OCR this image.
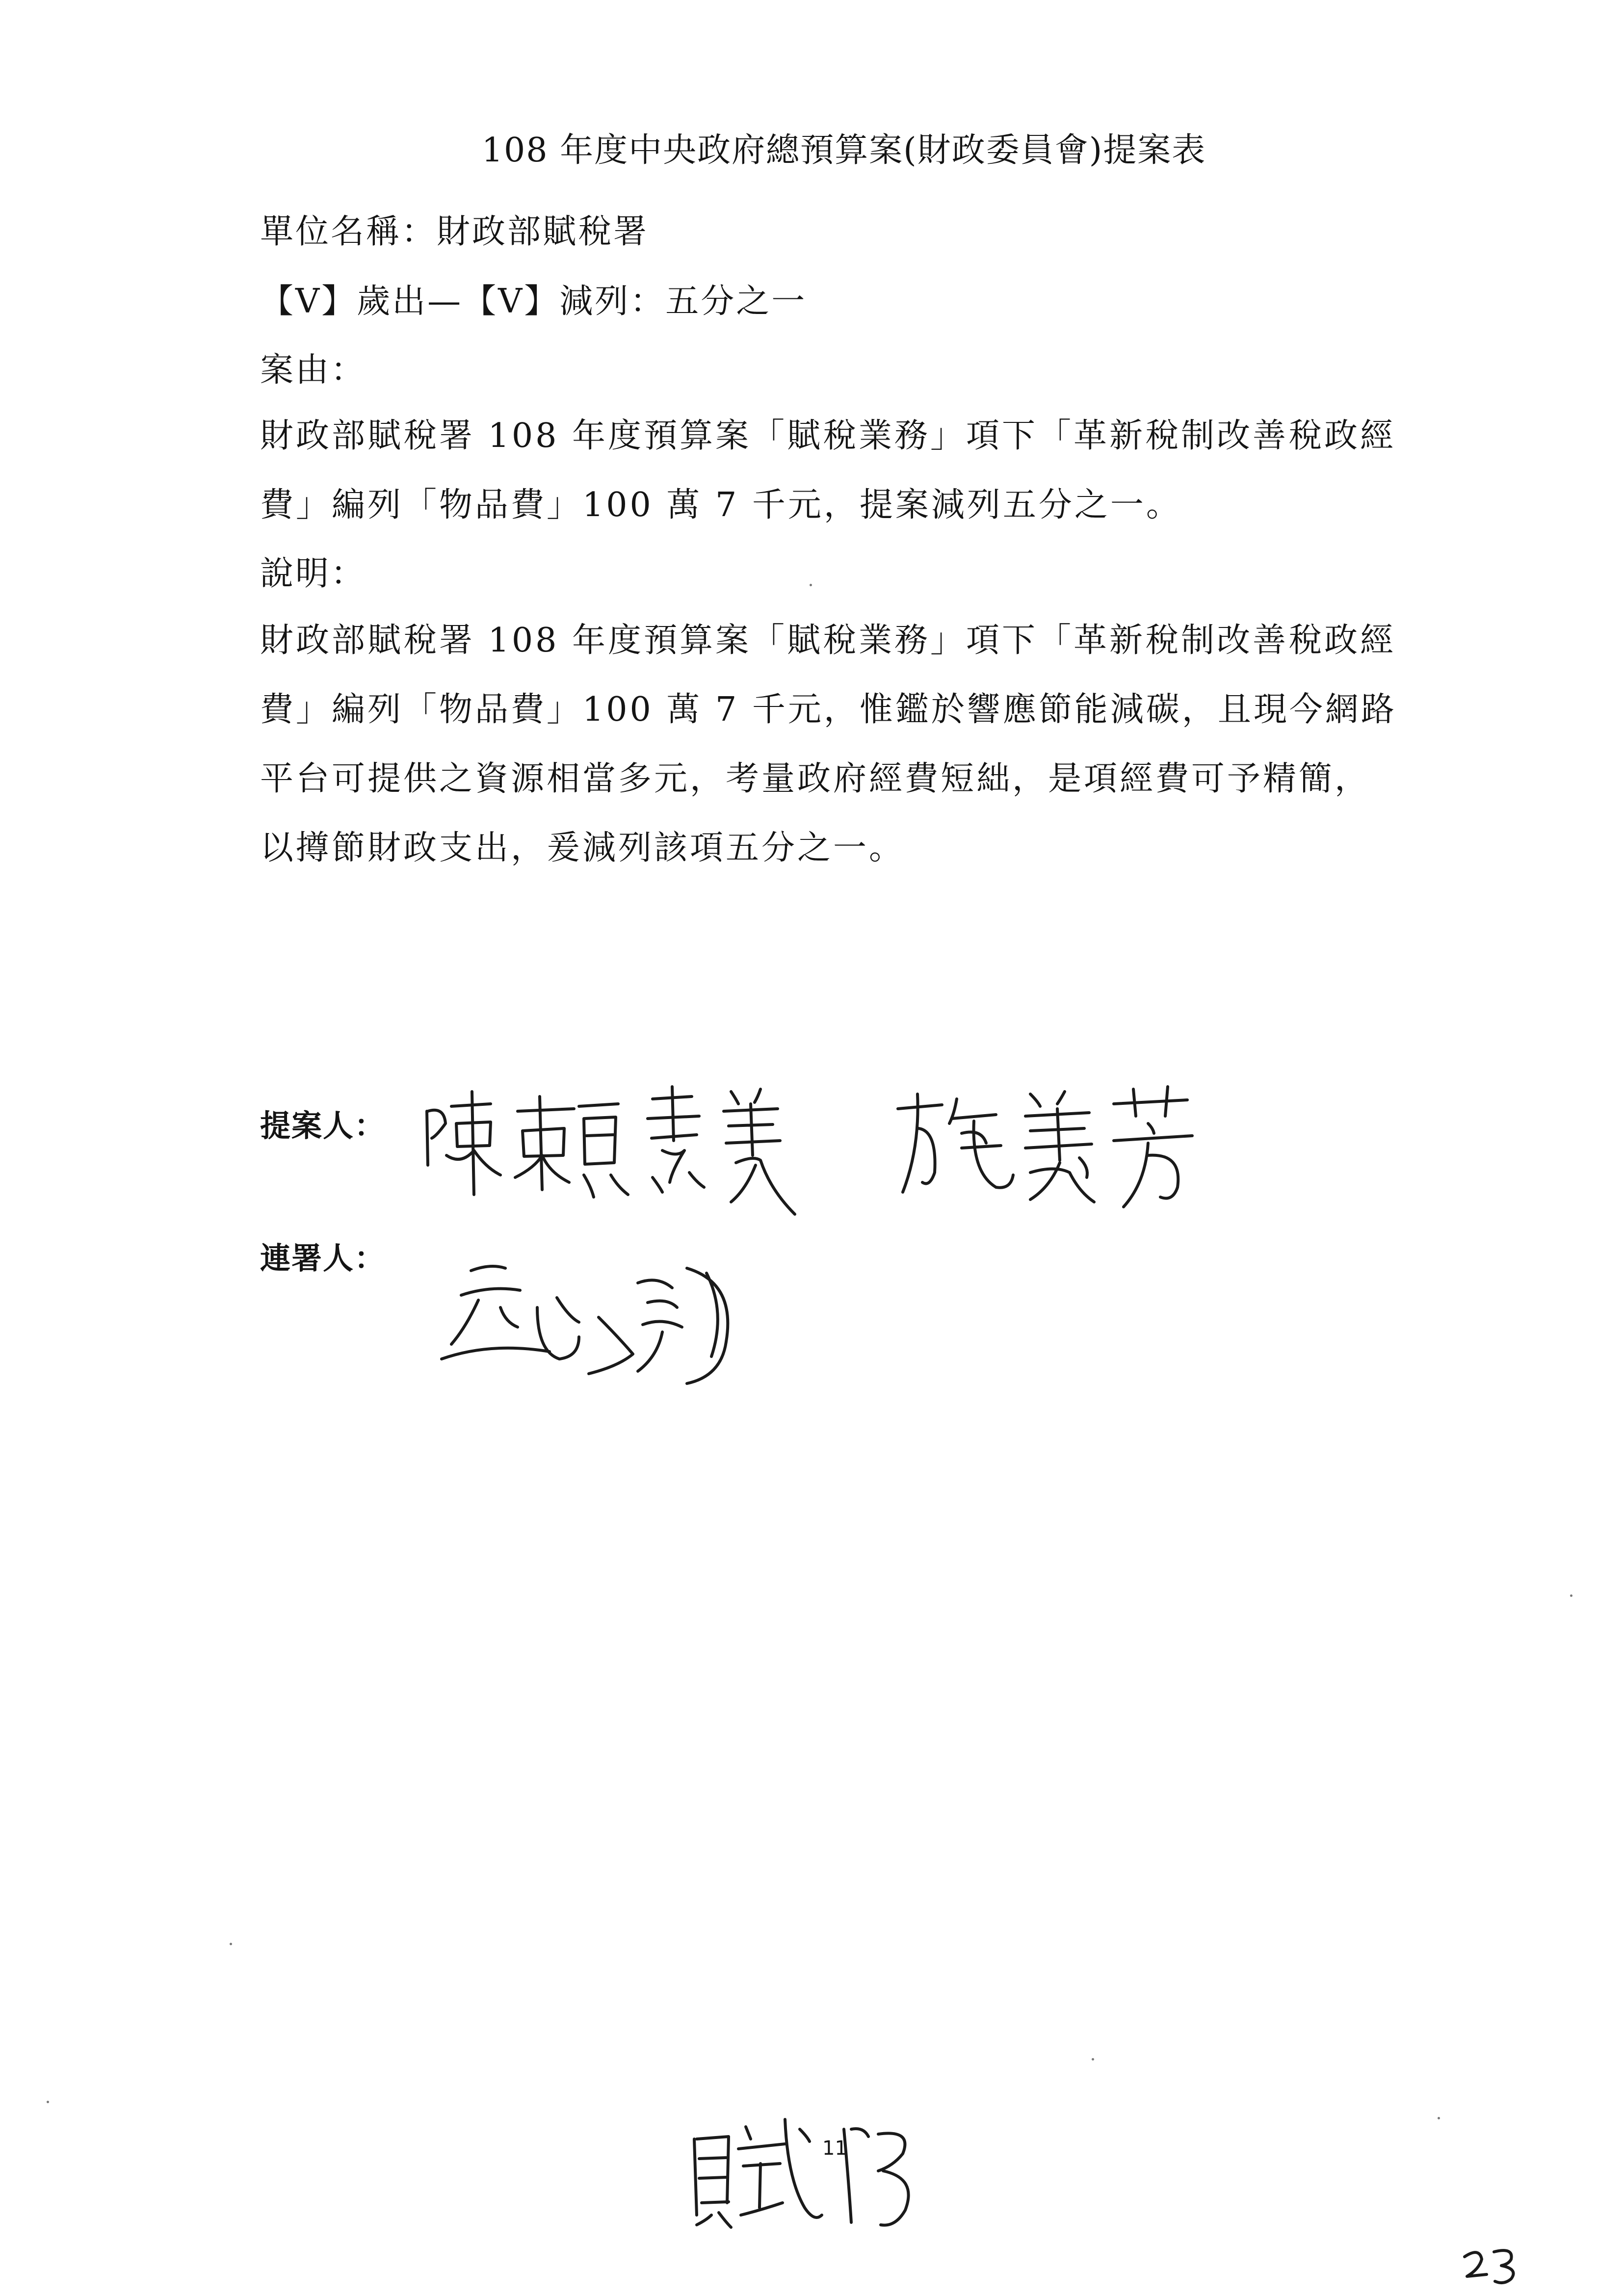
108 年度中央政府總預算案(財政委員會)提案表
單位名稱：財政部賦稅署
【V】歲出—【V】減列：五分之一
案由：

財政部賦稅署 108 年度預算案「賦稅業務」項下「革新稅制改善稅政經費」編列「物品費」100 萬 7 千元，提案減列五分之一。

說明：

財政部賦稅署 108 年度預算案「賦稅業務」項下「革新稅制改善稅政經費」編列「物品費」100 萬 7 千元，惟鑑於響應節能減碳，且現今網路平台可提供之資源相當多元，考量政府經費短絀，是項經費可予精簡，以撙節財政支出，爰減列該項五分之一。

提案人：
連署人：
11
